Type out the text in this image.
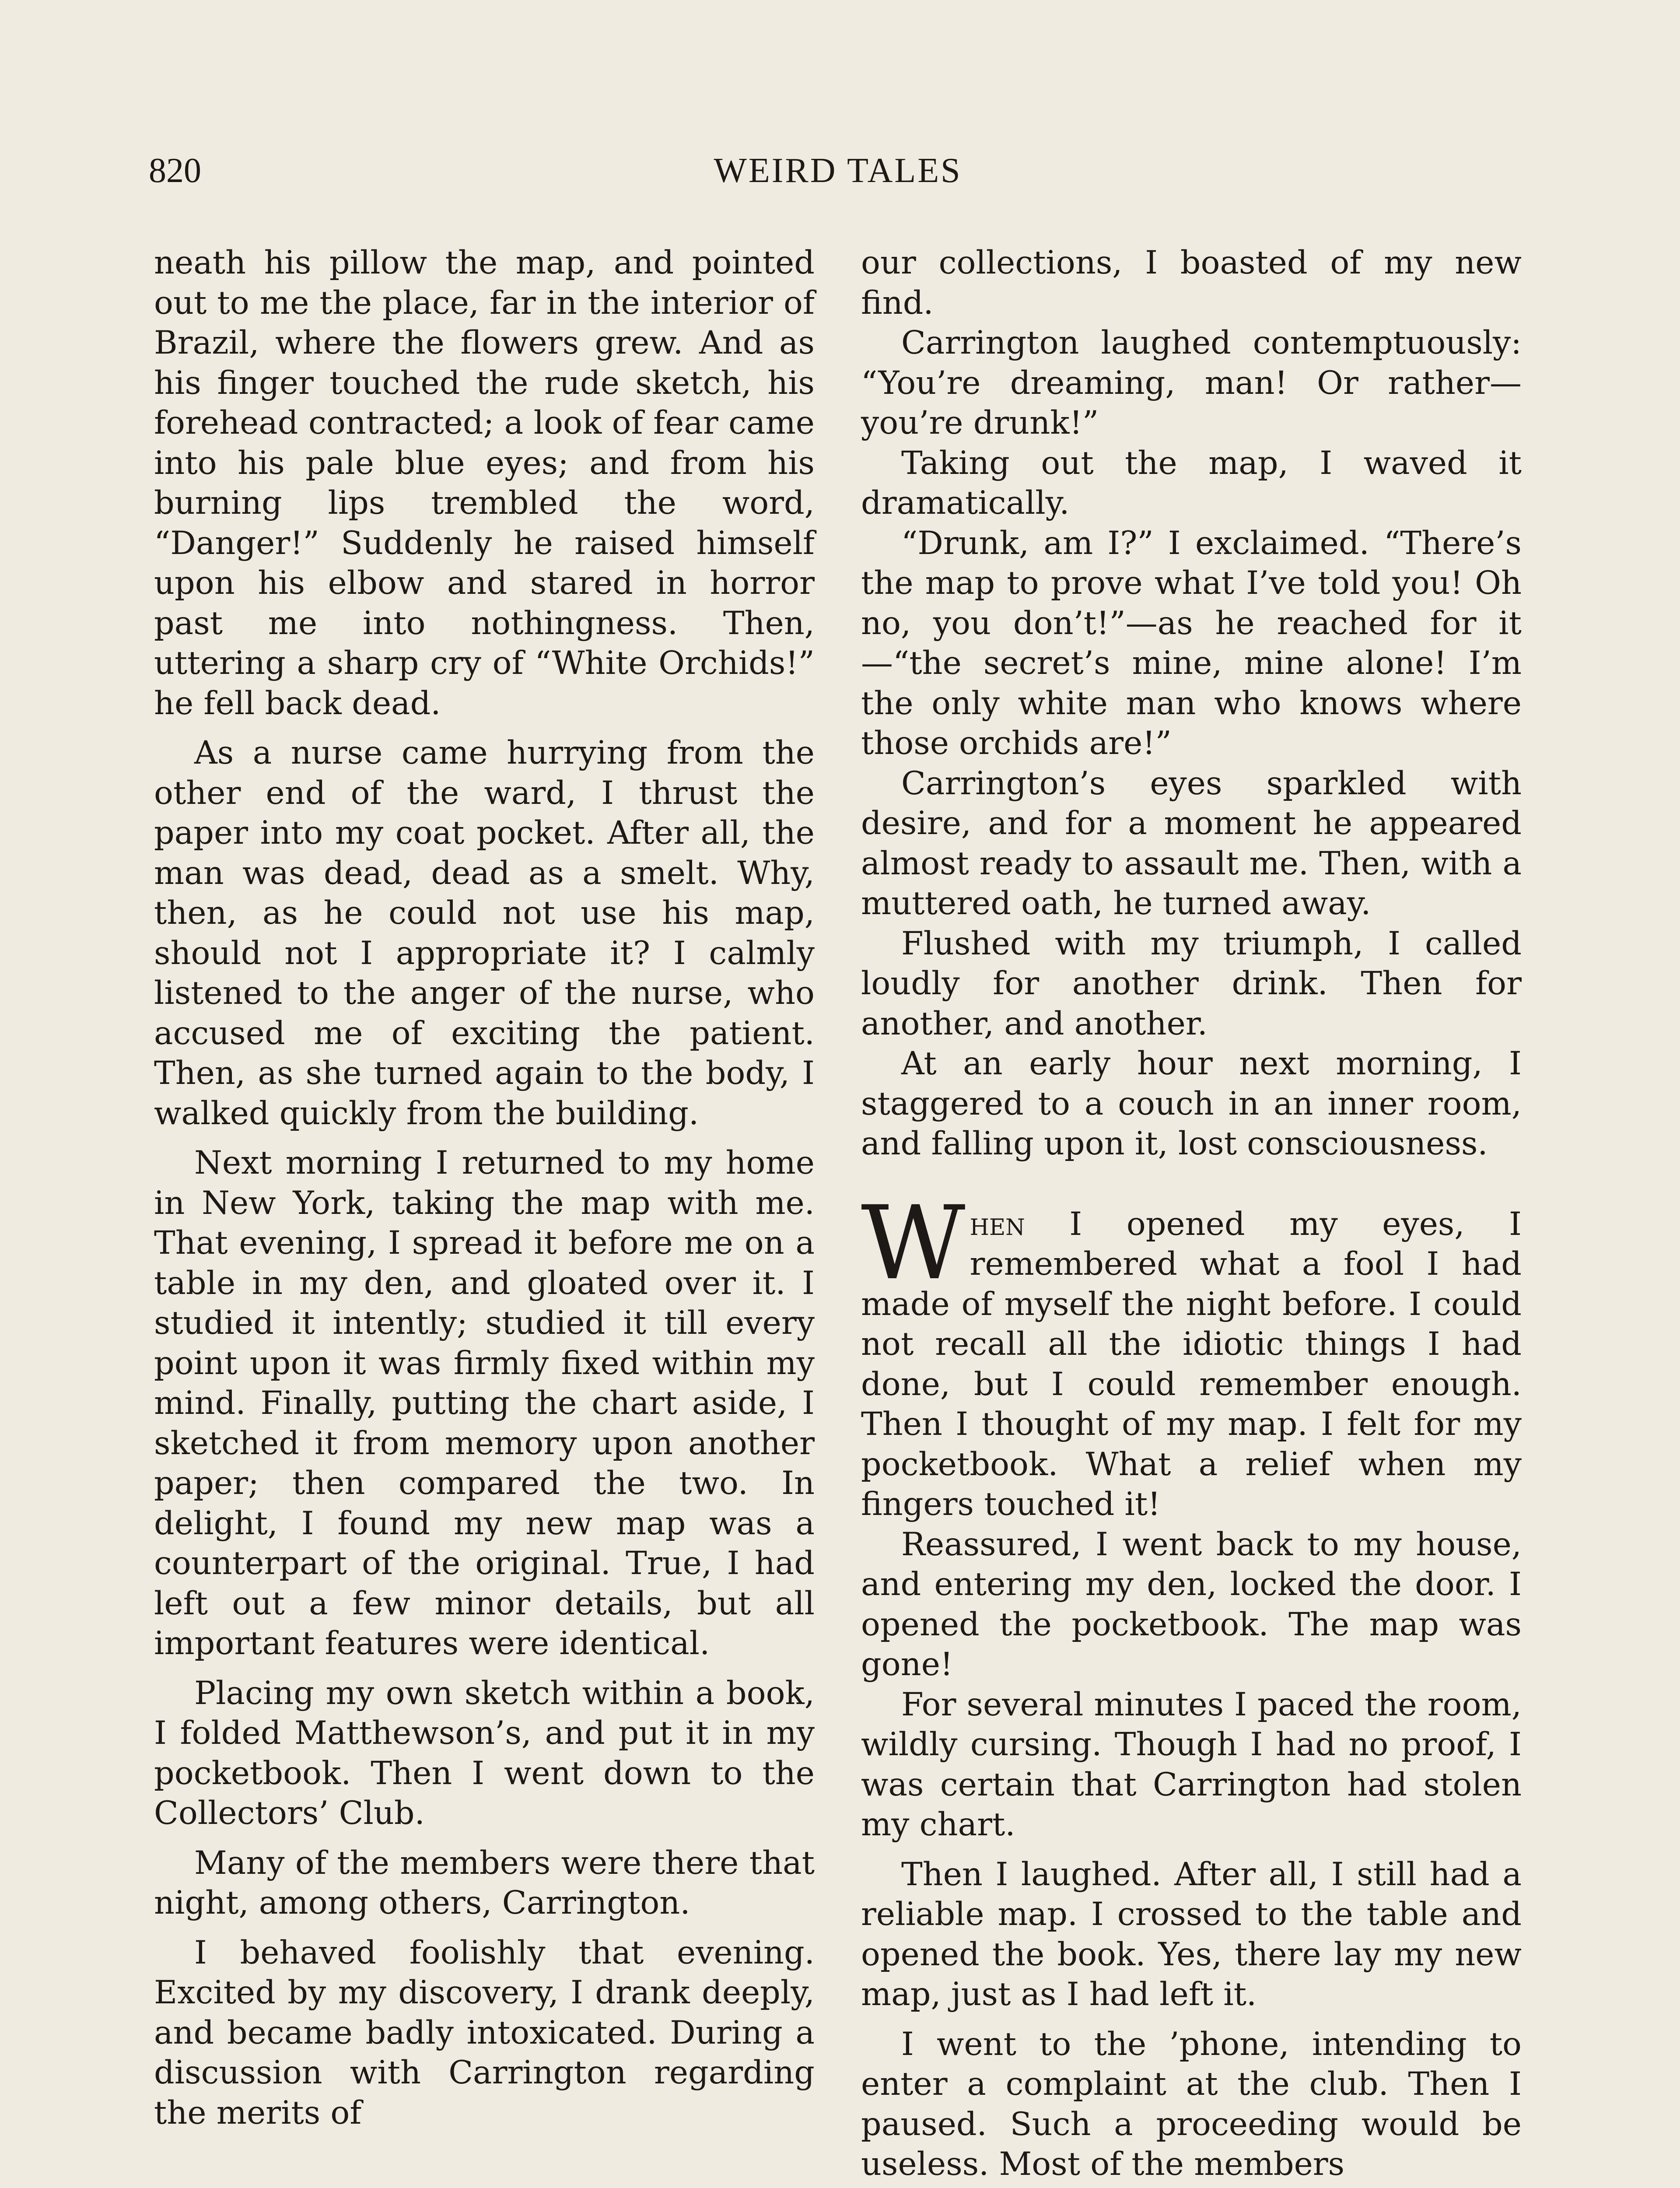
820	WEIRD TALES

neath his pillow the map, and pointed out to me the place, far in the interior of Brazil, where the flowers grew. And as his finger touched the rude sketch, his forehead contracted; a look of fear came into his pale blue eyes; and from his burning lips trembled the word, “Danger!” Suddenly he raised himself upon his elbow and stared in horror past me into nothingness. Then, uttering a sharp cry of “White Orchids!” he fell back dead.

As a nurse came hurrying from the other end of the ward, I thrust the paper into my coat pocket. After all, the man was dead, dead as a smelt. Why, then, as he could not use his map, should not I appropriate it? I calmly listened to the anger of the nurse, who accused me of exciting the patient. Then, as she turned again to the body, I walked quickly from the building.

Next morning I returned to my home in New York, taking the map with me. That evening, I spread it before me on a table in my den, and gloated over it. I studied it intently; studied it till every point upon it was firmly fixed within my mind. Finally, putting the chart aside, I sketched it from memory upon another paper; then compared the two. In delight, I found my new map was a counterpart of the original. True, I had left out a few minor details, but all important features were identical.

Placing my own sketch within a book, I folded Matthewson’s, and put it in my pocketbook. Then I went down to the Collectors’ Club.

Many of the members were there that night, among others, Carrington.

I behaved foolishly that evening. Excited by my discovery, I drank deeply, and became badly intoxicated. During a discussion with Carrington regarding the merits of

our collections, I boasted of my new find.

Carrington laughed contemptuously: “You’re dreaming, man! Or rather—you’re drunk!”

Taking out the map, I waved it dramatically.

“Drunk, am I?” I exclaimed. “There’s the map to prove what I’ve told you! Oh no, you don’t!”—as he reached for it—“the secret’s mine, mine alone! I’m the only white man who knows where those orchids are!”

Carrington’s eyes sparkled with desire, and for a moment he appeared almost ready to assault me. Then, with a muttered oath, he turned away.

Flushed with my triumph, I called loudly for another drink. Then for another, and another.

At an early hour next morning, I staggered to a couch in an inner room, and falling upon it, lost consciousness.

When I opened my eyes, I remembered what a fool I had made of myself the night before. I could not recall all the idiotic things I had done, but I could remember enough. Then I thought of my map. I felt for my pocketbook. What a relief when my fingers touched it!

Reassured, I went back to my house, and entering my den, locked the door. I opened the pocketbook. The map was gone!

For several minutes I paced the room, wildly cursing. Though I had no proof, I was certain that Carrington had stolen my chart.

Then I laughed. After all, I still had a reliable map. I crossed to the table and opened the book. Yes, there lay my new map, just as I had left it.

I went to the ’phone, intending to enter a complaint at the club. Then I paused. Such a proceeding would be useless. Most of the members
